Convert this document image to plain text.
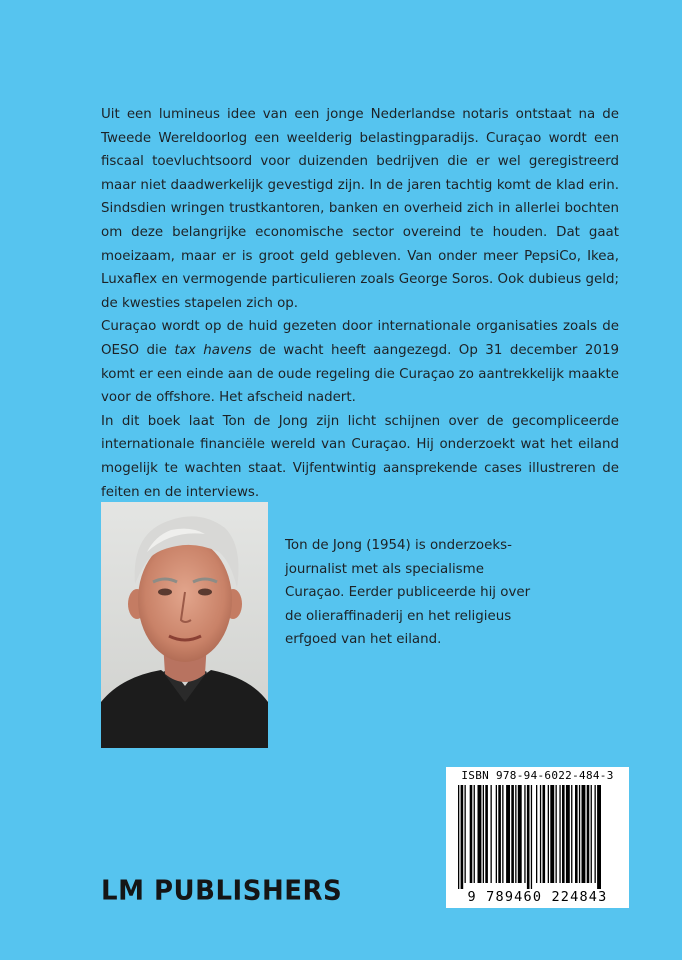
Uit een lumineus idee van een jonge Nederlandse notaris ontstaat na de Tweede Wereldoorlog een weelderig belastingparadijs. Curaçao wordt een fiscaal toevluchtsoord voor duizenden bedrijven die er wel geregistreerd maar niet daadwerkelijk gevestigd zijn. In de jaren tachtig komt de klad erin. Sindsdien wringen trustkantoren, banken en overheid zich in allerlei bochten om deze belangrijke economische sector overeind te houden. Dat gaat moeizaam, maar er is groot geld gebleven. Van onder meer PepsiCo, Ikea, Luxaflex en vermogende particulieren zoals George Soros. Ook dubieus geld; de kwesties stapelen zich op.

Curaçao wordt op de huid gezeten door internationale organisaties zoals de OESO die tax havens de wacht heeft aangezegd. Op 31 december 2019 komt er een einde aan de oude regeling die Curaçao zo aantrekkelijk maakte voor de offshore. Het afscheid nadert.

In dit boek laat Ton de Jong zijn licht schijnen over de gecompliceerde internationale financiële wereld van Curaçao. Hij onderzoekt wat het eiland mogelijk te wachten staat. Vijfentwintig aansprekende cases illustreren de feiten en de interviews.

Ton de Jong (1954) is onderzoeks-
journalist met als specialisme
Curaçao. Eerder publiceerde hij over
de olieraffinaderij en het religieus
erfgoed van het eiland.
LM PUBLISHERS
ISBN 978-94-6022-484-3
9 789460 224843
